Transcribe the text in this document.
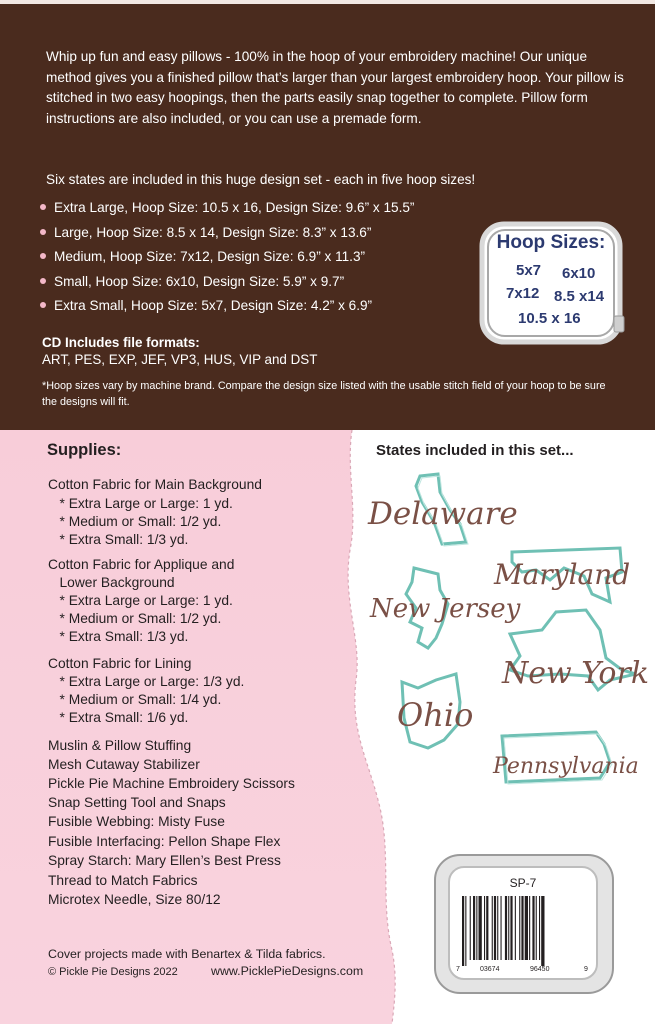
Whip up fun and easy pillows - 100% in the hoop of your embroidery machine! Our unique method gives you a finished pillow that’s larger than your largest embroidery hoop. Your pillow is stitched in two easy hoopings, then the parts easily snap together to complete. Pillow form instructions are also included, or you can use a premade form.

Six states are included in this huge design set - each in five hoop sizes!

Extra Large, Hoop Size: 10.5 x 16, Design Size: 9.6” x 15.5”
Large, Hoop Size: 8.5 x 14, Design Size: 8.3” x 13.6”
Medium, Hoop Size: 7x12, Design Size: 6.9” x 11.3”
Small, Hoop Size: 6x10, Design Size: 5.9” x 9.7”
Extra Small, Hoop Size: 5x7, Design Size: 4.2” x 6.9”
Hoop Sizes:
5x7 6x10
7x12 8.5 x14
10.5 x 16

CD Includes file formats:

ART, PES, EXP, JEF, VP3, HUS, VIP and DST

*Hoop sizes vary by machine brand. Compare the design size listed with the usable stitch field of your hoop to be sure the designs will fit.

Supplies:

Cotton Fabric for Main Background

* Extra Large or Large: 1 yd.

* Medium or Small: 1/2 yd.

* Extra Small: 1/3 yd.

Cotton Fabric for Applique and

Lower Background

* Extra Large or Large: 1 yd.

* Medium or Small: 1/2 yd.

* Extra Small: 1/3 yd.

Cotton Fabric for Lining

* Extra Large or Large: 1/3 yd.

* Medium or Small: 1/4 yd.

* Extra Small: 1/6 yd.

Muslin & Pillow Stuffing

Mesh Cutaway Stabilizer

Pickle Pie Machine Embroidery Scissors

Snap Setting Tool and Snaps

Fusible Webbing: Misty Fuse

Fusible Interfacing: Pellon Shape Flex

Spray Starch: Mary Ellen’s Best Press

Thread to Match Fabrics

Microtex Needle, Size 80/12

States included in this set...

Delaware
Maryland
New Jersey
New York
Ohio
Pennsylvania
SP-7
7	03674	96450	9

Cover projects made with Benartex & Tilda fabrics.

© Pickle Pie Designs 2022	www.PicklePieDesigns.com
